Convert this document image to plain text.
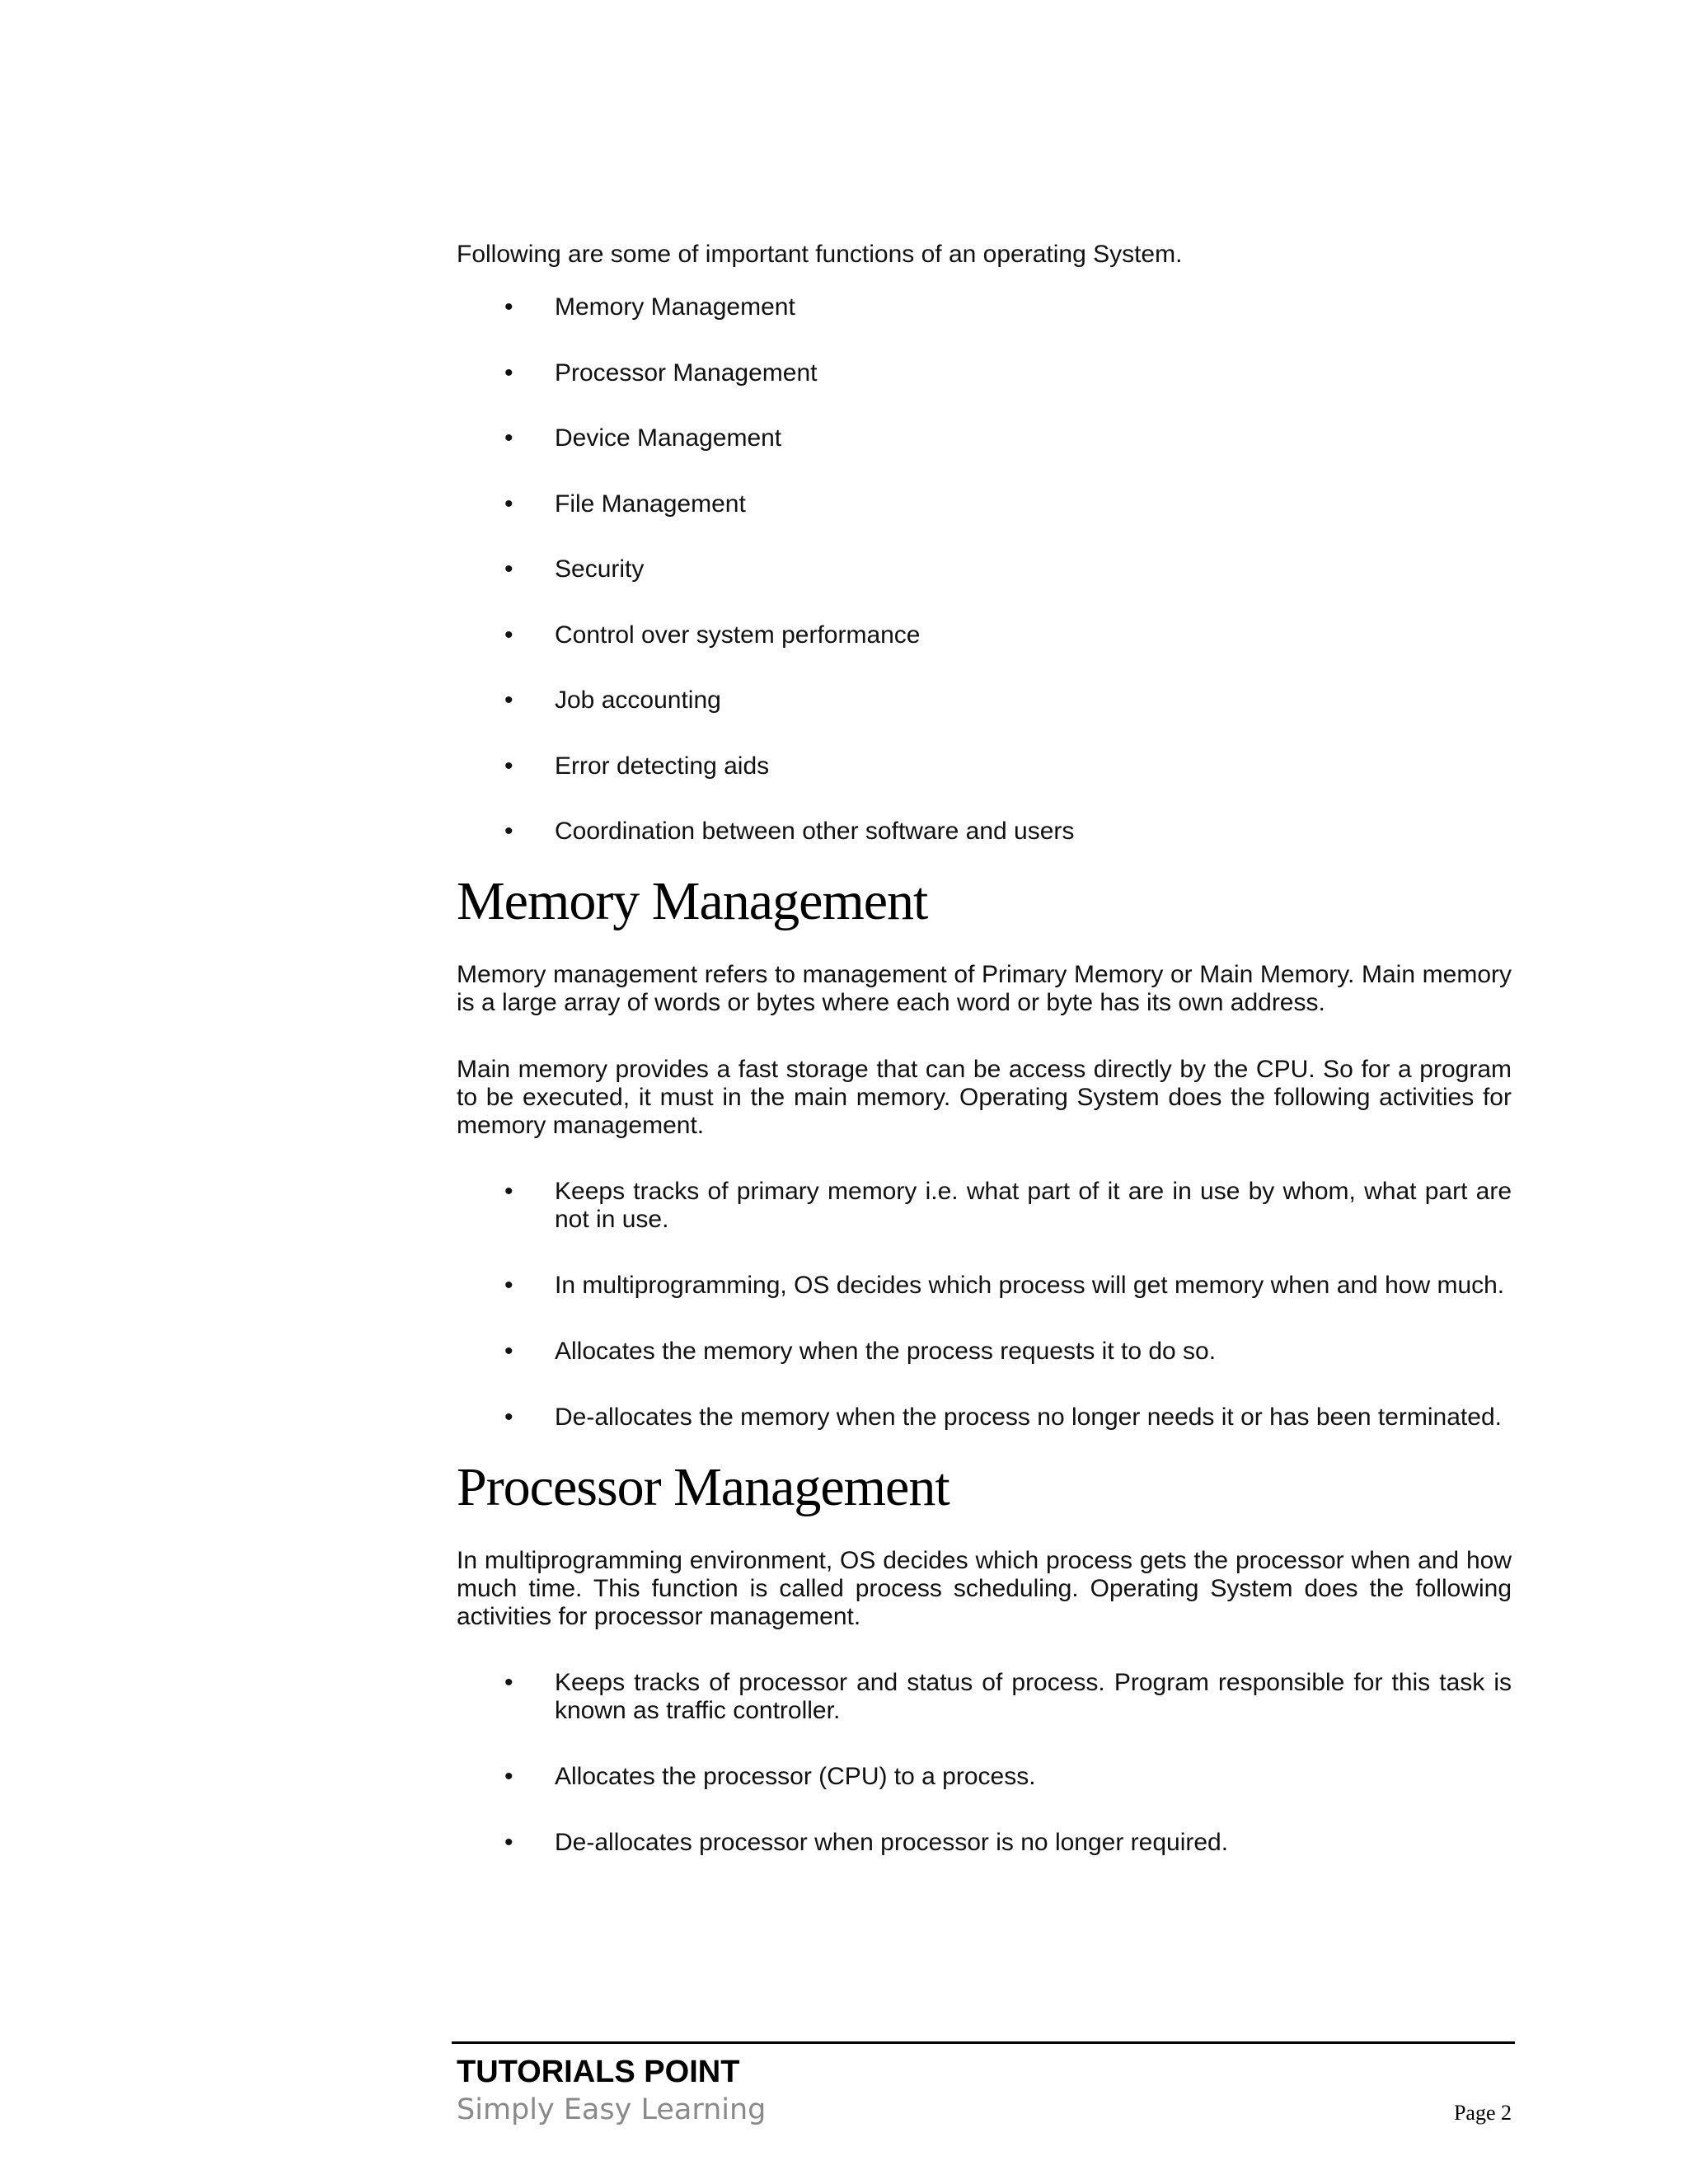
Following are some of important functions of an operating System.

•	Memory Management
•	Processor Management
•	Device Management
•	File Management
•	Security
•	Control over system performance
•	Job accounting
•	Error detecting aids
•	Coordination between other software and users
Memory Management

Memory management refers to management of Primary Memory or Main Memory. Main memory is a large array of words or bytes where each word or byte has its own address.

Main memory provides a fast storage that can be access directly by the CPU. So for a program to be executed, it must in the main memory. Operating System does the following activities for memory management.

•	Keeps tracks of primary memory i.e. what part of it are in use by whom, what part are not in use.
•	In multiprogramming, OS decides which process will get memory when and how much.
•	Allocates the memory when the process requests it to do so.
•	De-allocates the memory when the process no longer needs it or has been terminated.
Processor Management

In multiprogramming environment, OS decides which process gets the processor when and how much time. This function is called process scheduling. Operating System does the following activities for processor management.

•	Keeps tracks of processor and status of process. Program responsible for this task is known as traffic controller.
•	Allocates the processor (CPU) to a process.
•	De-allocates processor when processor is no longer required.
TUTORIALS POINT
Simply Easy Learning	Page 2
